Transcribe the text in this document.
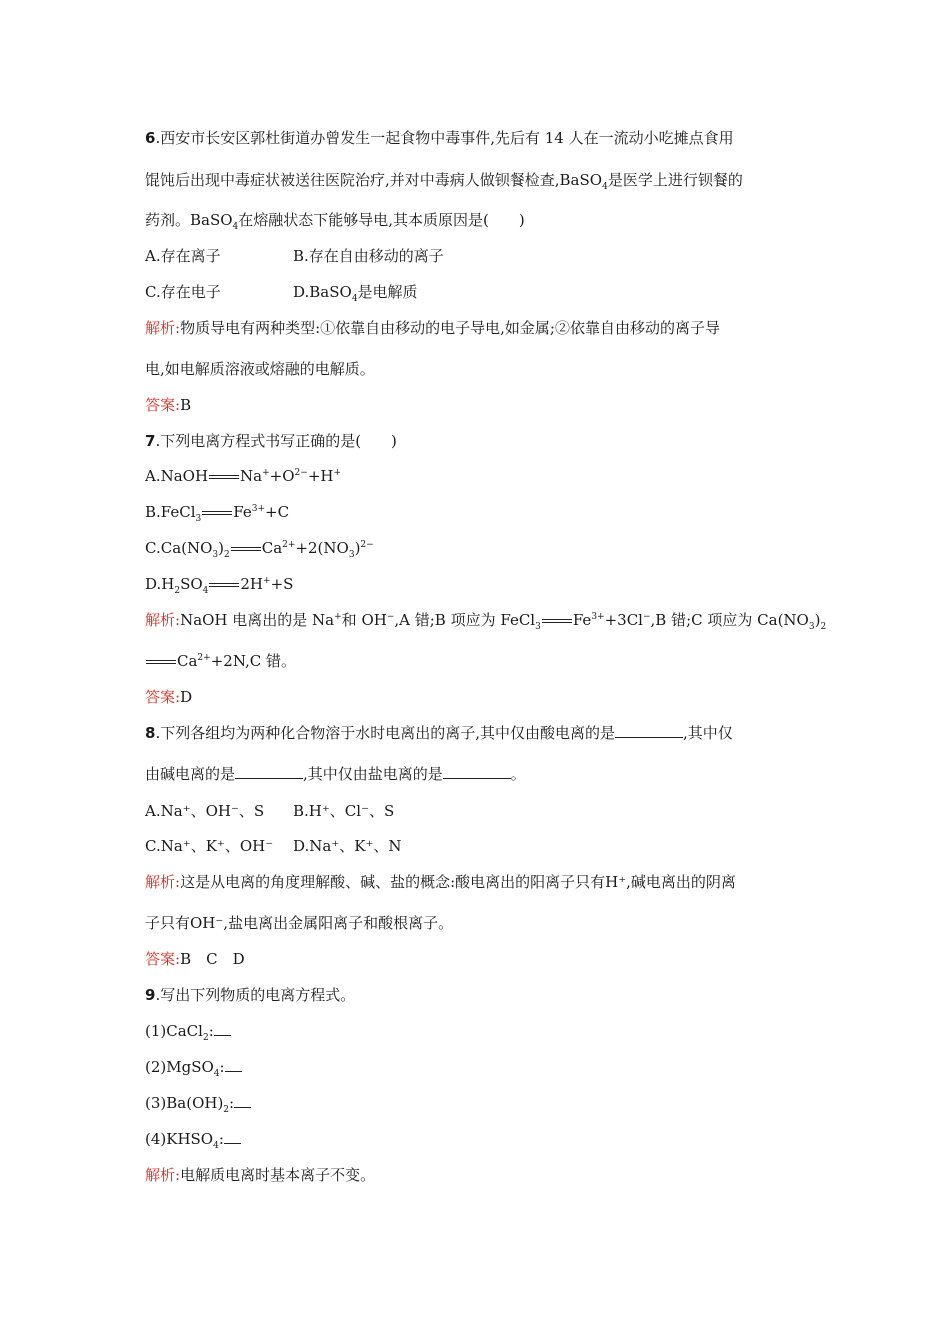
6.西安市长安区郭杜街道办曾发生一起食物中毒事件,先后有 14 人在一流动小吃摊点食用
馄饨后出现中毒症状被送往医院治疗,并对中毒病人做钡餐检查,BaSO$_4$是医学上进行钡餐的
药剂。BaSO$_4$在熔融状态下能够导电,其本质原因是(　　)
A.存在离子	B.存在自由移动的离子
C.存在电子	D.BaSO$_4$是电解质
解析:物质导电有两种类型:①依靠自由移动的电子导电,如金属;②依靠自由移动的离子导
电,如电解质溶液或熔融的电解质。
答案:B
7.下列电离方程式书写正确的是(　　)
A.NaOH $Na^++O^{2-}+H^+$
B.FeCl$_3$ $Fe^{3+}+C$
$C.Ca(NO_3)_2$ $Ca^{2+}+2(NO_3)^{2-}$
$D.H_2SO_4$ 2H++S
解析:NaOH 电离出的是 Na+和 OH−,A 错;B 项应为 FeCl$_3$ $Fe^{3+}+3Cl^-,B$ 错;C 项应为 $Ca(NO_3)_2$
$Ca^{2+}+2N,C$ 错。
答案:D
8.下列各组均为两种化合物溶于水时电离出的离子,其中仅由酸电离的是	,其中仅
由碱电离的是	,其中仅由盐电离的是	。
A.Na⁺、OH⁻、S B.H⁺、Cl⁻、S
C.Na⁺、K⁺、OH⁻ D.Na⁺、K⁺、N
解析:这是从电离的角度理解酸、碱、盐的概念:酸电离出的阳离子只有H⁺,碱电离出的阴离
子只有OH⁻,盐电离出金属阳离子和酸根离子。
答案:B　C　D
9.写出下列物质的电离方程式。
(1)CaCl$_2$:
(2)MgSO$_4$:
$(3)Ba(OH)_2$:
$(4)KHSO_4$:
解析:电解质电离时基本离子不变。
